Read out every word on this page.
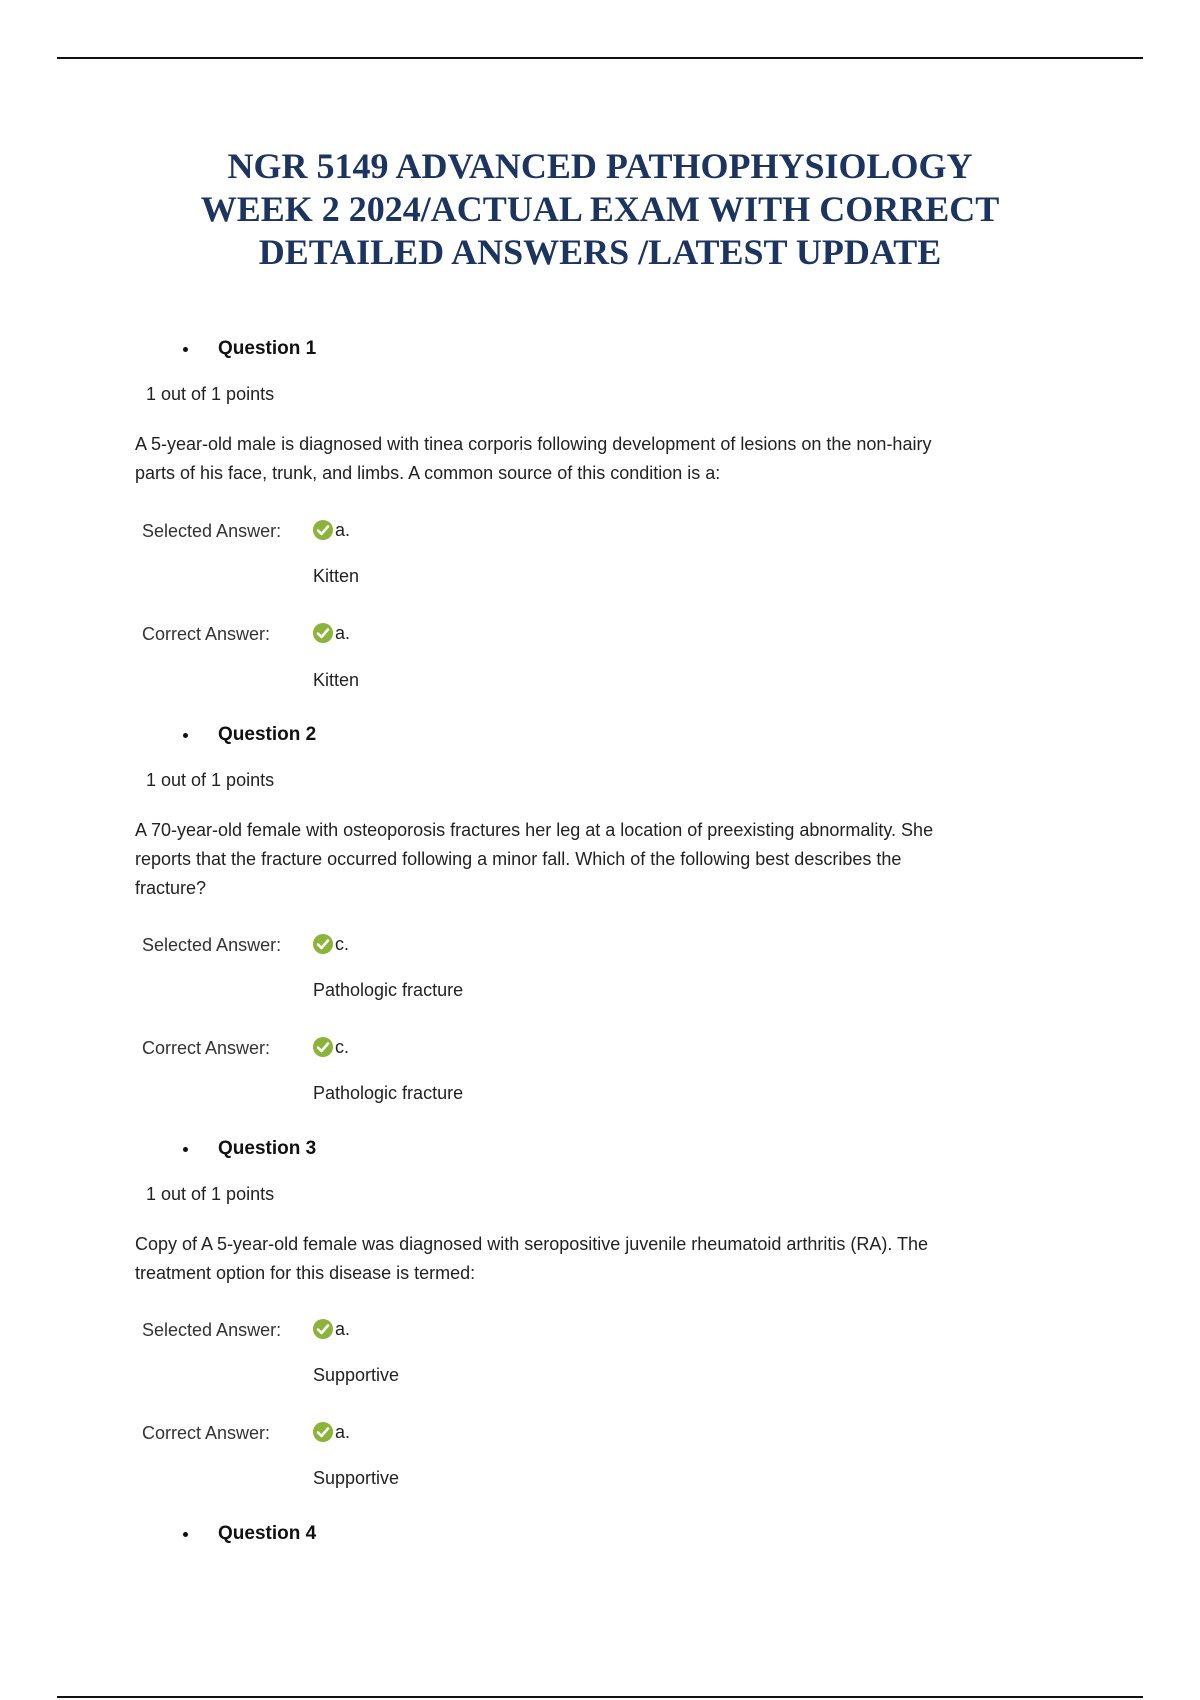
NGR 5149 ADVANCED PATHOPHYSIOLOGY
WEEK 2 2024/ACTUAL EXAM WITH CORRECT
DETAILED ANSWERS /LATEST UPDATE
Question 1
1 out of 1 points
A 5-year-old male is diagnosed with tinea corporis following development of lesions on the non-hairy
parts of his face, trunk, and limbs. A common source of this condition is a:
Selected Answer:	a.
Kitten
Correct Answer:	a.
Kitten
Question 2
1 out of 1 points
A 70-year-old female with osteoporosis fractures her leg at a location of preexisting abnormality. She
reports that the fracture occurred following a minor fall. Which of the following best describes the
fracture?
Selected Answer:	c.
Pathologic fracture
Correct Answer:	c.
Pathologic fracture
Question 3
1 out of 1 points
Copy of A 5-year-old female was diagnosed with seropositive juvenile rheumatoid arthritis (RA). The
treatment option for this disease is termed:
Selected Answer:	a.
Supportive
Correct Answer:	a.
Supportive
Question 4
